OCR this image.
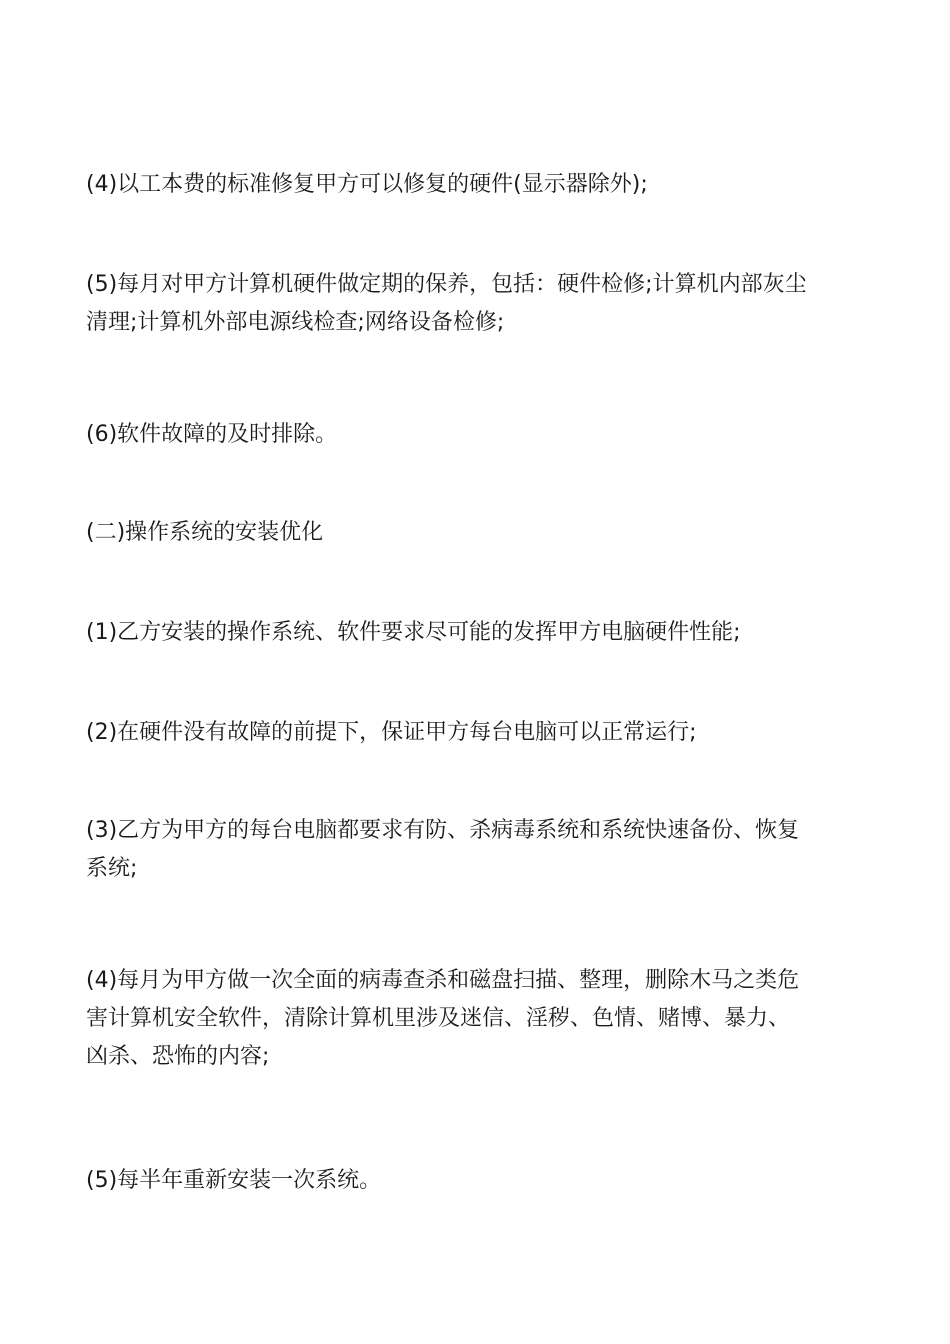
(4)以工本费的标准修复甲方可以修复的硬件(显示器除外);

(5)每月对甲方计算机硬件做定期的保养，包括：硬件检修;计算机内部灰尘
清理;计算机外部电源线检查;网络设备检修;

(6)软件故障的及时排除。

(二)操作系统的安装优化

(1)乙方安装的操作系统、软件要求尽可能的发挥甲方电脑硬件性能;

(2)在硬件没有故障的前提下，保证甲方每台电脑可以正常运行;

(3)乙方为甲方的每台电脑都要求有防、杀病毒系统和系统快速备份、恢复
系统;

(4)每月为甲方做一次全面的病毒查杀和磁盘扫描、整理，删除木马之类危
害计算机安全软件，清除计算机里涉及迷信、淫秽、色情、赌博、暴力、
凶杀、恐怖的内容;

(5)每半年重新安装一次系统。
